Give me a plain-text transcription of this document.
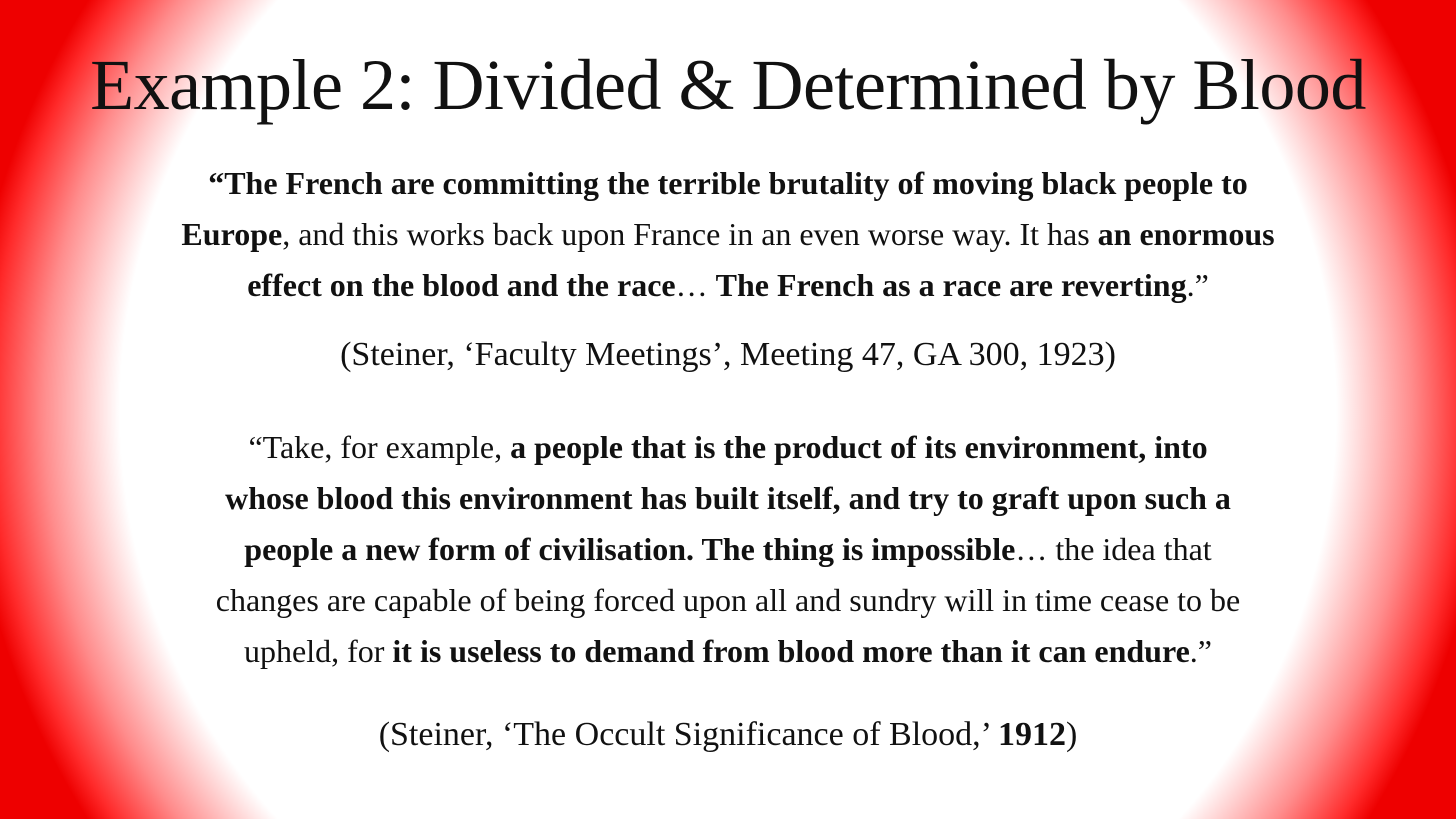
Example 2: Divided & Determined by Blood

“The French are committing the terrible brutality of moving black people to
Europe, and this works back upon France in an even worse way. It has an enormous
effect on the blood and the race… The French as a race are reverting.”

(Steiner, ‘Faculty Meetings’, Meeting 47, GA 300, 1923)

“Take, for example, a people that is the product of its environment, into
whose blood this environment has built itself, and try to graft upon such a
people a new form of civilisation. The thing is impossible… the idea that
changes are capable of being forced upon all and sundry will in time cease to be
upheld, for it is useless to demand from blood more than it can endure.”

(Steiner, ‘The Occult Significance of Blood,’ 1912)
